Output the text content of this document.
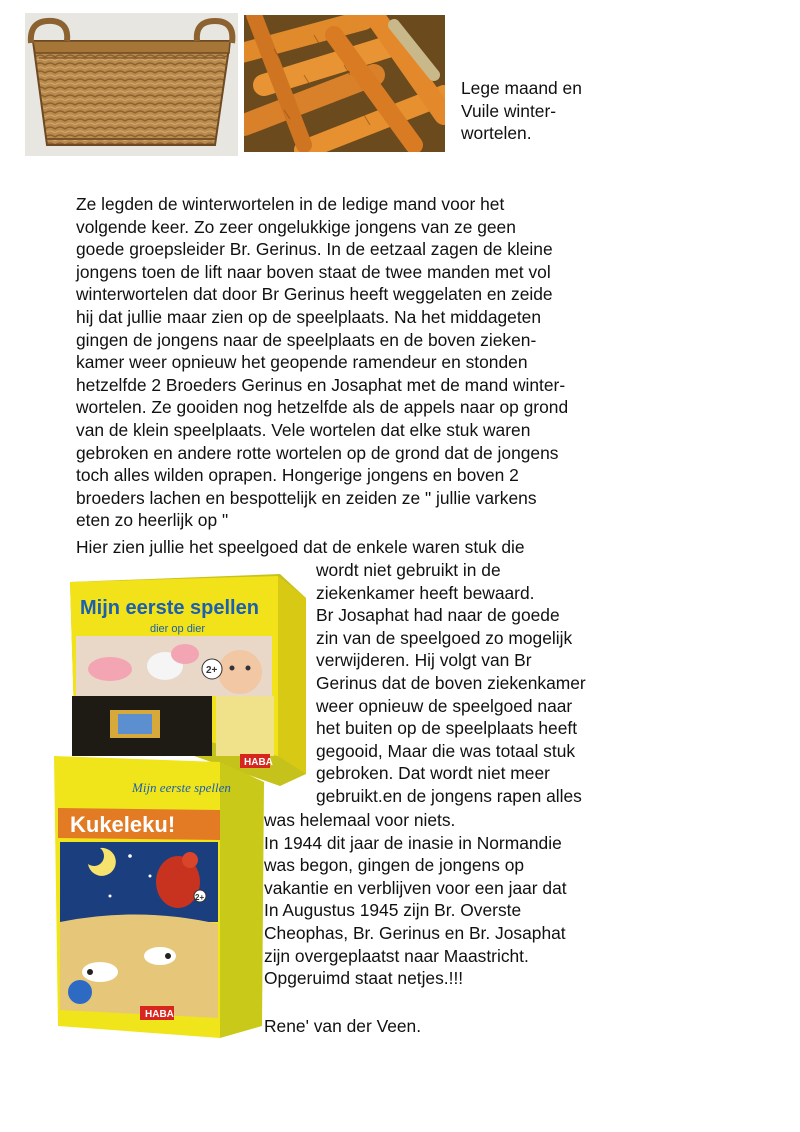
Lege maand en
Vuile winter-
wortelen.
Ze legden de winterwortelen in de ledige mand voor het
volgende keer. Zo zeer ongelukkige jongens van ze geen
goede groepsleider Br. Gerinus. In de eetzaal zagen de kleine
jongens toen de lift naar boven staat de twee manden met vol
winterwortelen dat door Br Gerinus heeft weggelaten en zeide
hij dat jullie maar zien op de speelplaats. Na het middageten
gingen de jongens naar de speelplaats en de boven zieken-
kamer weer opnieuw het geopende ramendeur en stonden
hetzelfde 2 Broeders Gerinus en Josaphat met de mand winter-
wortelen. Ze gooiden nog hetzelfde als de appels naar op grond
van de klein speelplaats. Vele wortelen dat elke stuk waren
gebroken en andere rotte wortelen op de grond dat de jongens
toch alles wilden oprapen. Hongerige jongens en boven 2
broeders lachen en bespottelijk en zeiden ze " jullie varkens
eten zo heerlijk op "
Hier zien jullie het speelgoed dat de enkele waren stuk die
wordt niet gebruikt in de
ziekenkamer heeft bewaard.
Br Josaphat had naar de goede
zin van de speelgoed zo mogelijk
verwijderen. Hij volgt van Br
Gerinus dat de boven ziekenkamer
weer opnieuw de speelgoed naar
het buiten op de speelplaats heeft
gegooid, Maar die was totaal stuk
gebroken. Dat wordt niet meer
gebruikt.en de jongens rapen alles
was helemaal voor niets.
In 1944 dit jaar de inasie in Normandie
was begon, gingen de jongens op
vakantie en verblijven voor een jaar dat
In Augustus 1945 zijn Br. Overste
Cheophas, Br. Gerinus en Br. Josaphat
zijn overgeplaatst naar Maastricht.
Opgeruimd staat netjes.!!!
Rene' van der Veen.
Mijn eerste spellen
dier op dier
2+
HABA
Mijn eerste spellen
Kukeleku!
2+
HABA
